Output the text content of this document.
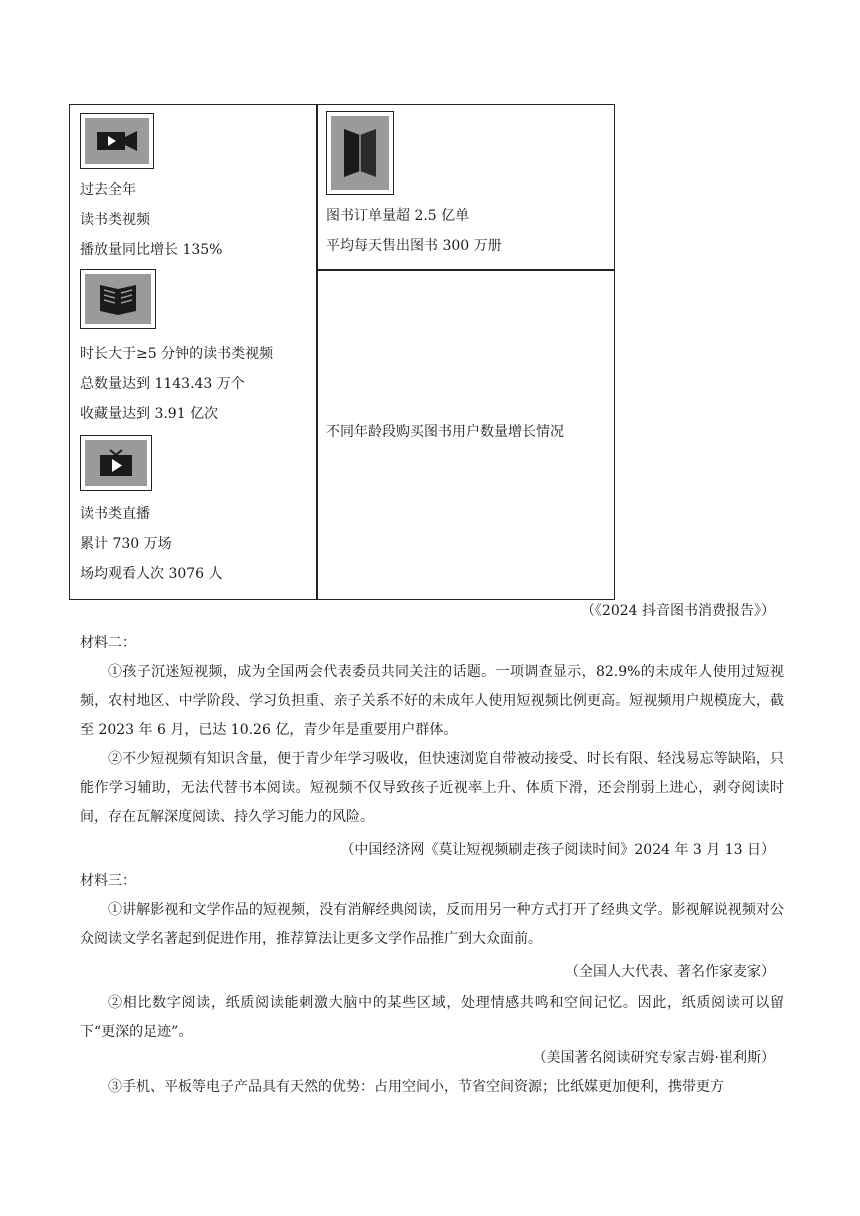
过去全年
读书类视频
播放量同比增长 135%
时长大于≥5 分钟的读书类视频
总数量达到 1143.43 万个
收藏量达到 3.91 亿次
读书类直播
累计 730 万场
场均观看人次 3076 人
图书订单量超 2.5 亿单
平均每天售出图书 300 万册
不同年龄段购买图书用户数量增长情况
（《2024 抖音图书消费报告》）
材料二：

①孩子沉迷短视频，成为全国两会代表委员共同关注的话题。一项调查显示，82.9%的未成年人使用过短视频，农村地区、中学阶段、学习负担重、亲子关系不好的未成年人使用短视频比例更高。短视频用户规模庞大，截至 2023 年 6 月，已达 10.26 亿，青少年是重要用户群体。

②不少短视频有知识含量，便于青少年学习吸收，但快速浏览自带被动接受、时长有限、轻浅易忘等缺陷，只能作学习辅助，无法代替书本阅读。短视频不仅导致孩子近视率上升、体质下滑，还会削弱上进心，剥夺阅读时间，存在瓦解深度阅读、持久学习能力的风险。

（中国经济网《莫让短视频刷走孩子阅读时间》2024 年 3 月 13 日）
材料三：

①讲解影视和文学作品的短视频，没有消解经典阅读，反而用另一种方式打开了经典文学。影视解说视频对公众阅读文学名著起到促进作用，推荐算法让更多文学作品推广到大众面前。

（全国人大代表、著名作家麦家）

②相比数字阅读，纸质阅读能刺激大脑中的某些区域，处理情感共鸣和空间记忆。因此，纸质阅读可以留下“更深的足迹”。

（美国著名阅读研究专家吉姆·崔利斯）

③手机、平板等电子产品具有天然的优势：占用空间小，节省空间资源；比纸媒更加便利，携带更方
